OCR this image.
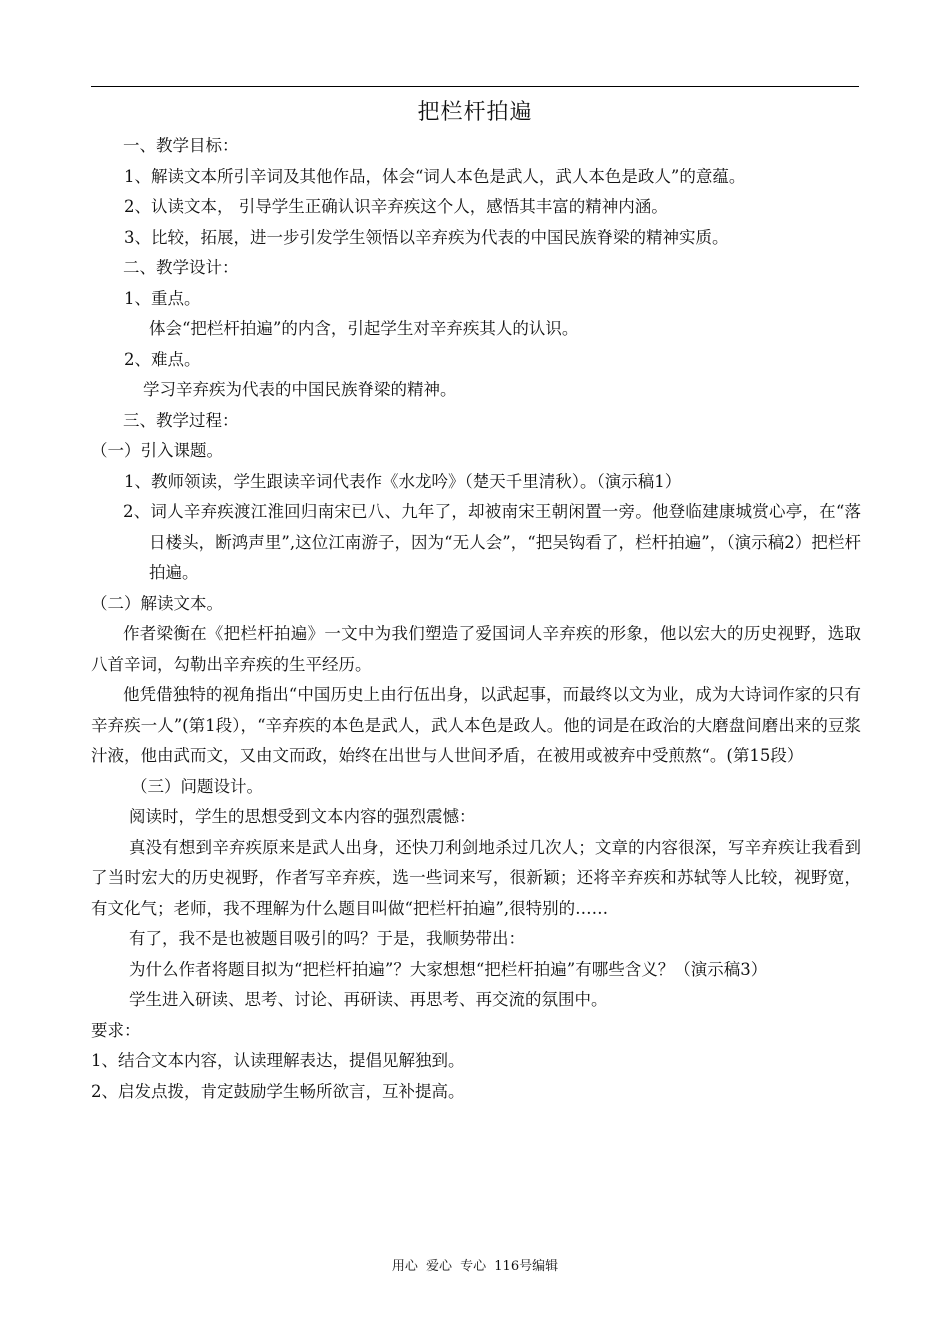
把栏杆拍遍

一、教学目标：

1、解读文本所引辛词及其他作品，体会“词人本色是武人，武人本色是政人”的意蕴。

2、认读文本， 引导学生正确认识辛弃疾这个人，感悟其丰富的精神内涵。

3、比较，拓展，进一步引发学生领悟以辛弃疾为代表的中国民族脊梁的精神实质。

二、教学设计：

1、重点。

体会“把栏杆拍遍”的内含，引起学生对辛弃疾其人的认识。

2、难点。

学习辛弃疾为代表的中国民族脊梁的精神。

三、教学过程：

（一）引入课题。

1、教师领读，学生跟读辛词代表作《水龙吟》（楚天千里清秋）。（演示稿1）

2、词人辛弃疾渡江淮回归南宋已八、九年了，却被南宋王朝闲置一旁。他登临建康城赏心亭，在“落日楼头，断鸿声里”,这位江南游子，因为“无人会”，“把吴钩看了，栏杆拍遍”，（演示稿2）把栏杆拍遍。

（二）解读文本。

作者梁衡在《把栏杆拍遍》一文中为我们塑造了爱国词人辛弃疾的形象，他以宏大的历史视野，选取八首辛词，勾勒出辛弃疾的生平经历。

他凭借独特的视角指出“中国历史上由行伍出身，以武起事，而最终以文为业，成为大诗词作家的只有辛弃疾一人”(第1段），“辛弃疾的本色是武人，武人本色是政人。他的词是在政治的大磨盘间磨出来的豆浆汁液，他由武而文，又由文而政，始终在出世与人世间矛盾，在被用或被弃中受煎熬“。(第15段）

（三）问题设计。

阅读时，学生的思想受到文本内容的强烈震憾：

真没有想到辛弃疾原来是武人出身，还快刀利剑地杀过几次人；文章的内容很深，写辛弃疾让我看到了当时宏大的历史视野，作者写辛弃疾，选一些词来写，很新颖；还将辛弃疾和苏轼等人比较，视野宽，有文化气；老师，我不理解为什么题目叫做“把栏杆拍遍”,很特别的……

有了，我不是也被题目吸引的吗？于是，我顺势带出：

为什么作者将题目拟为“把栏杆拍遍”？大家想想“把栏杆拍遍”有哪些含义？（演示稿3）

学生进入研读、思考、讨论、再研读、再思考、再交流的氛围中。

要求：

1、结合文本内容，认读理解表达，提倡见解独到。

2、启发点拨，肯定鼓励学生畅所欲言，互补提高。

用心 爱心 专心 116号编辑
